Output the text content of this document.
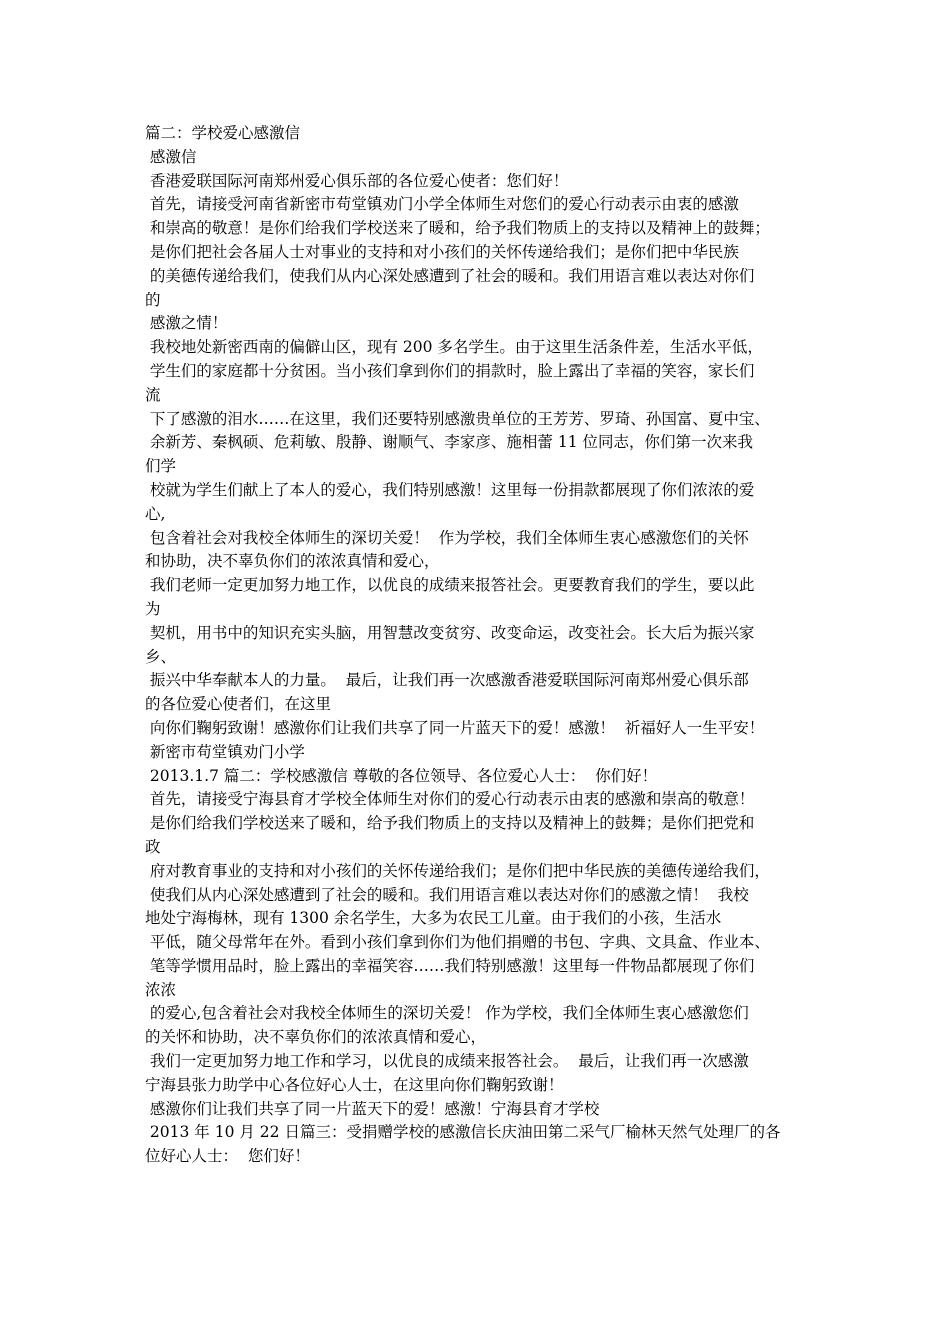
篇二：学校爱心感激信
感激信
香港爱联国际河南郑州爱心俱乐部的各位爱心使者：您们好！
首先，请接受河南省新密市苟堂镇劝门小学全体师生对您们的爱心行动表示由衷的感激
和崇高的敬意！是你们给我们学校送来了暖和，给予我们物质上的支持以及精神上的鼓舞；
是你们把社会各届人士对事业的支持和对小孩们的关怀传递给我们；是你们把中华民族
的美德传递给我们，使我们从内心深处感遭到了社会的暖和。我们用语言难以表达对你们
的
感激之情！
我校地处新密西南的偏僻山区，现有 200 多名学生。由于这里生活条件差，生活水平低，
学生们的家庭都十分贫困。当小孩们拿到你们的捐款时，脸上露出了幸福的笑容，家长们
流
下了感激的泪水……在这里，我们还要特别感激贵单位的王芳芳、罗琦、孙国富、夏中宝、
余新芳、秦枫硕、危莉敏、殷静、谢顺气、李家彦、施相蕾 11 位同志，你们第一次来我
们学
校就为学生们献上了本人的爱心，我们特别感激！这里每一份捐款都展现了你们浓浓的爱
心,
包含着社会对我校全体师生的深切关爱！  作为学校，我们全体师生衷心感激您们的关怀
和协助，决不辜负你们的浓浓真情和爱心，
我们老师一定更加努力地工作，以优良的成绩来报答社会。更要教育我们的学生，要以此
为
契机，用书中的知识充实头脑，用智慧改变贫穷、改变命运，改变社会。长大后为振兴家
乡、
振兴中华奉献本人的力量。  最后，让我们再一次感激香港爱联国际河南郑州爱心俱乐部
的各位爱心使者们，在这里
向你们鞠躬致谢！感激你们让我们共享了同一片蓝天下的爱！感激！  祈福好人一生平安！
新密市苟堂镇劝门小学
2013.1.7 篇二：学校感激信 尊敬的各位领导、各位爱心人士：  你们好！
首先，请接受宁海县育才学校全体师生对你们的爱心行动表示由衷的感激和崇高的敬意！
是你们给我们学校送来了暖和，给予我们物质上的支持以及精神上的鼓舞；是你们把党和
政
府对教育事业的支持和对小孩们的关怀传递给我们；是你们把中华民族的美德传递给我们，
使我们从内心深处感遭到了社会的暖和。我们用语言难以表达对你们的感激之情！  我校
地处宁海梅林，现有 1300 余名学生，大多为农民工儿童。由于我们的小孩，生活水
平低，随父母常年在外。看到小孩们拿到你们为他们捐赠的书包、字典、文具盒、作业本、
笔等学惯用品时，脸上露出的幸福笑容……我们特别感激！这里每一件物品都展现了你们
浓浓
的爱心,包含着社会对我校全体师生的深切关爱！ 作为学校，我们全体师生衷心感激您们
的关怀和协助，决不辜负你们的浓浓真情和爱心，
我们一定更加努力地工作和学习，以优良的成绩来报答社会。  最后，让我们再一次感激
宁海县张力助学中心各位好心人士，在这里向你们鞠躬致谢！
感激你们让我们共享了同一片蓝天下的爱！感激！宁海县育才学校
2013 年 10 月 22 日篇三：受捐赠学校的感激信长庆油田第二采气厂榆林天然气处理厂的各
位好心人士：  您们好！
